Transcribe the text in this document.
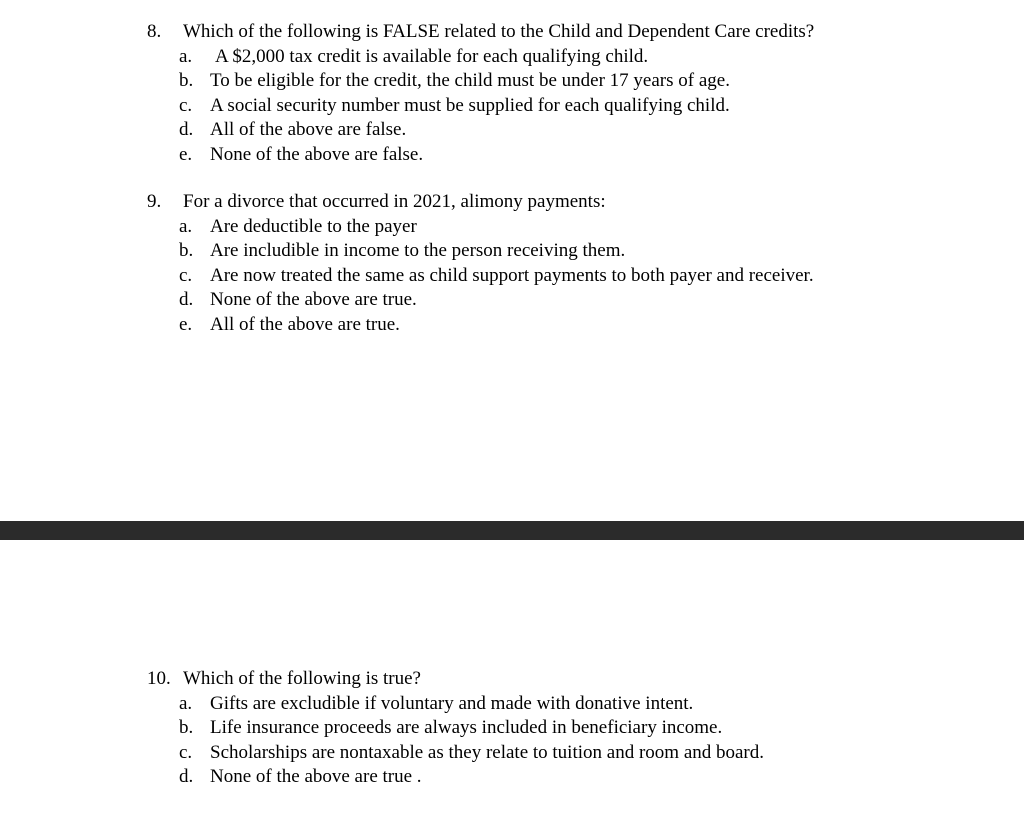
8. Which of the following is FALSE related to the Child and Dependent Care credits?
a. A $2,000 tax credit is available for each qualifying child.
b. To be eligible for the credit, the child must be under 17 years of age.
c. A social security number must be supplied for each qualifying child.
d. All of the above are false.
e. None of the above are false.
9. For a divorce that occurred in 2021, alimony payments:
a. Are deductible to the payer
b. Are includible in income to the person receiving them.
c. Are now treated the same as child support payments to both payer and receiver.
d. None of the above are true.
e. All of the above are true.
10. Which of the following is true?
a. Gifts are excludible if voluntary and made with donative intent.
b. Life insurance proceeds are always included in beneficiary income.
c. Scholarships are nontaxable as they relate to tuition and room and board.
d. None of the above are true .
